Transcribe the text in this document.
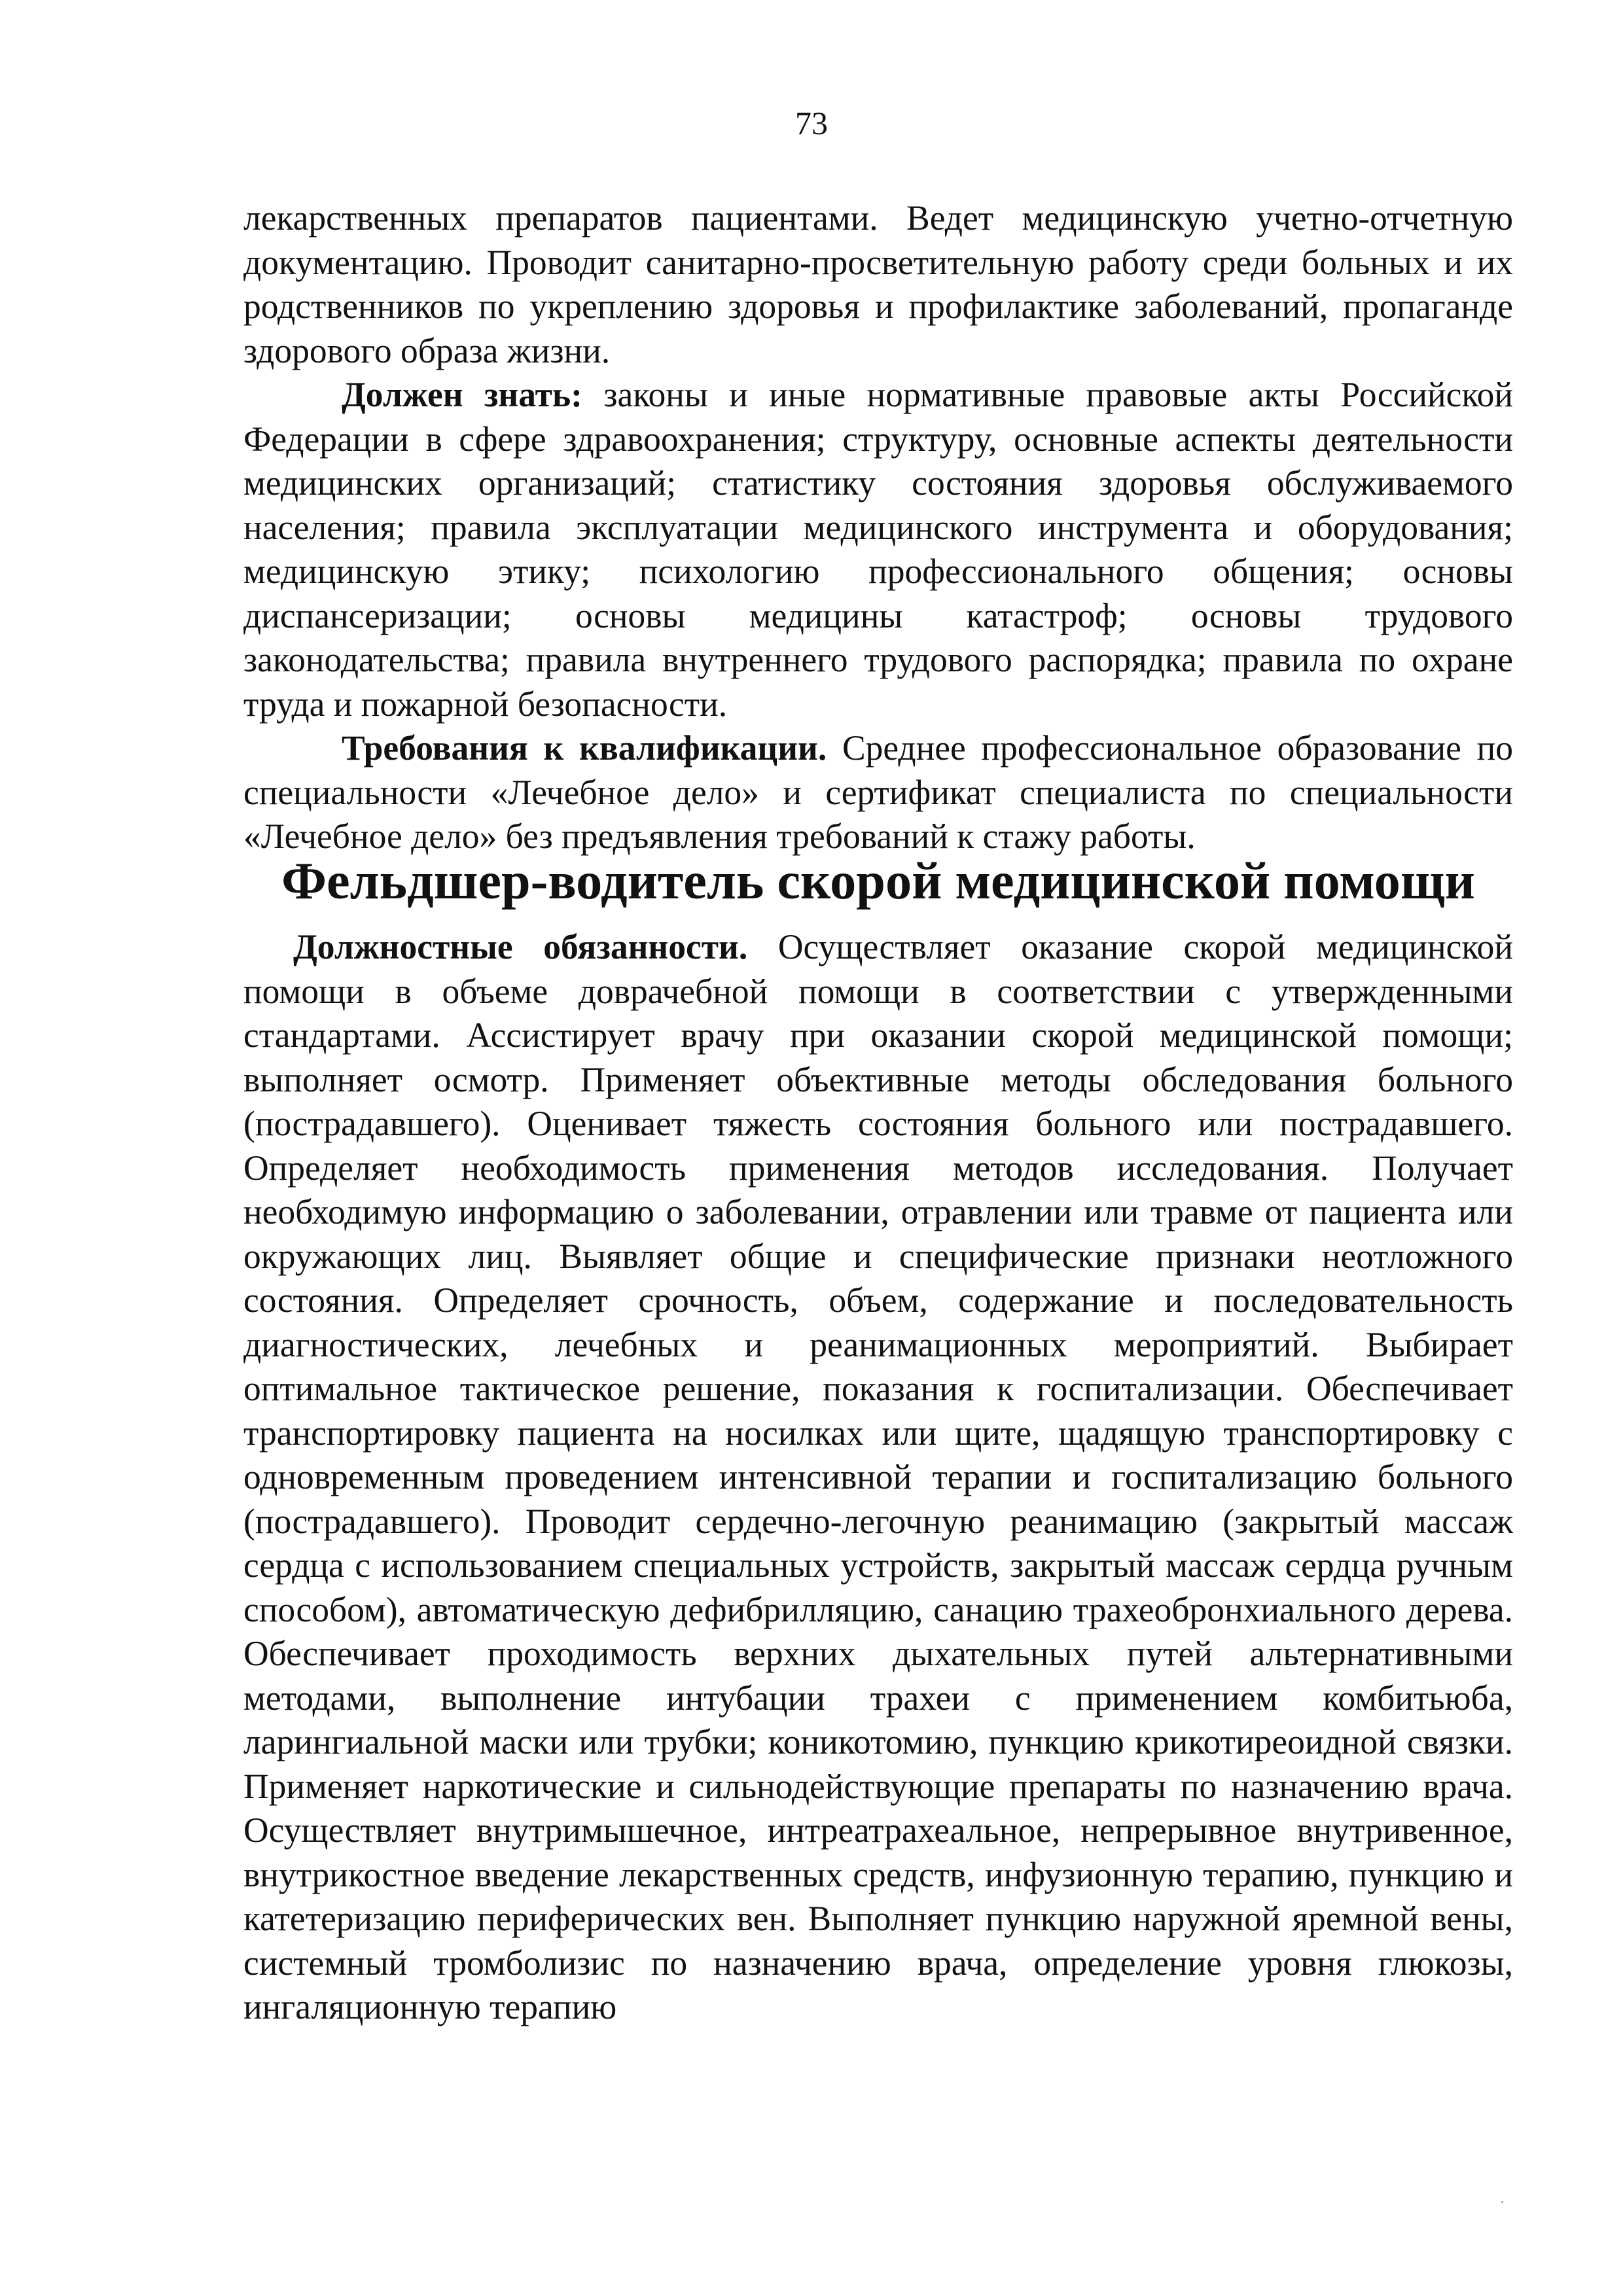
73

лекарственных препаратов пациентами. Ведет медицинскую учетно-отчетную документацию. Проводит санитарно-просветительную работу среди больных и их родственников по укреплению здоровья и профилактике заболеваний, пропаганде здорового образа жизни.

Должен знать: законы и иные нормативные правовые акты Российской Федерации в сфере здравоохранения; структуру, основные аспекты деятельности медицинских организаций; статистику состояния здоровья обслуживаемого населения; правила эксплуатации медицинского инструмента и оборудования; медицинскую этику; психологию профессионального общения; основы диспансеризации; основы медицины катастроф; основы трудового законодательства; правила внутреннего трудового распорядка; правила по охране труда и пожарной безопасности.

Требования к квалификации. Среднее профессиональное образование по специальности «Лечебное дело» и сертификат специалиста по специальности «Лечебное дело» без предъявления требований к стажу работы.

Фельдшер-водитель скорой медицинской помощи

Должностные обязанности. Осуществляет оказание скорой медицинской помощи в объеме доврачебной помощи в соответствии с утвержденными стандартами. Ассистирует врачу при оказании скорой медицинской помощи; выполняет осмотр. Применяет объективные методы обследования больного (пострадавшего). Оценивает тяжесть состояния больного или пострадавшего. Определяет необходимость применения методов исследования. Получает необходимую информацию о заболевании, отравлении или травме от пациента или окружающих лиц. Выявляет общие и специфические признаки неотложного состояния. Определяет срочность, объем, содержание и последовательность диагностических, лечебных и реанимационных мероприятий. Выбирает оптимальное тактическое решение, показания к госпитализации. Обеспечивает транспортировку пациента на носилках или щите, щадящую транспортировку с одновременным проведением интенсивной терапии и госпитализацию больного (пострадавшего). Проводит сердечно-легочную реанимацию (закрытый массаж сердца с использованием специальных устройств, закрытый массаж сердца ручным способом), автоматическую дефибрилляцию, санацию трахеобронхиального дерева. Обеспечивает проходимость верхних дыхательных путей альтернативными методами, выполнение интубации трахеи с применением комбитьюба, ларингиальной маски или трубки; коникотомию, пункцию крикотиреоидной связки. Применяет наркотические и сильнодействующие препараты по назначению врача. Осуществляет внутримышечное, интреатрахеальное, непрерывное внутривенное, внутрикостное введение лекарственных средств, инфузионную терапию, пункцию и катетеризацию периферических вен. Выполняет пункцию наружной яремной вены, системный тромболизис по назначению врача, определение уровня глюкозы, ингаляционную терапию
